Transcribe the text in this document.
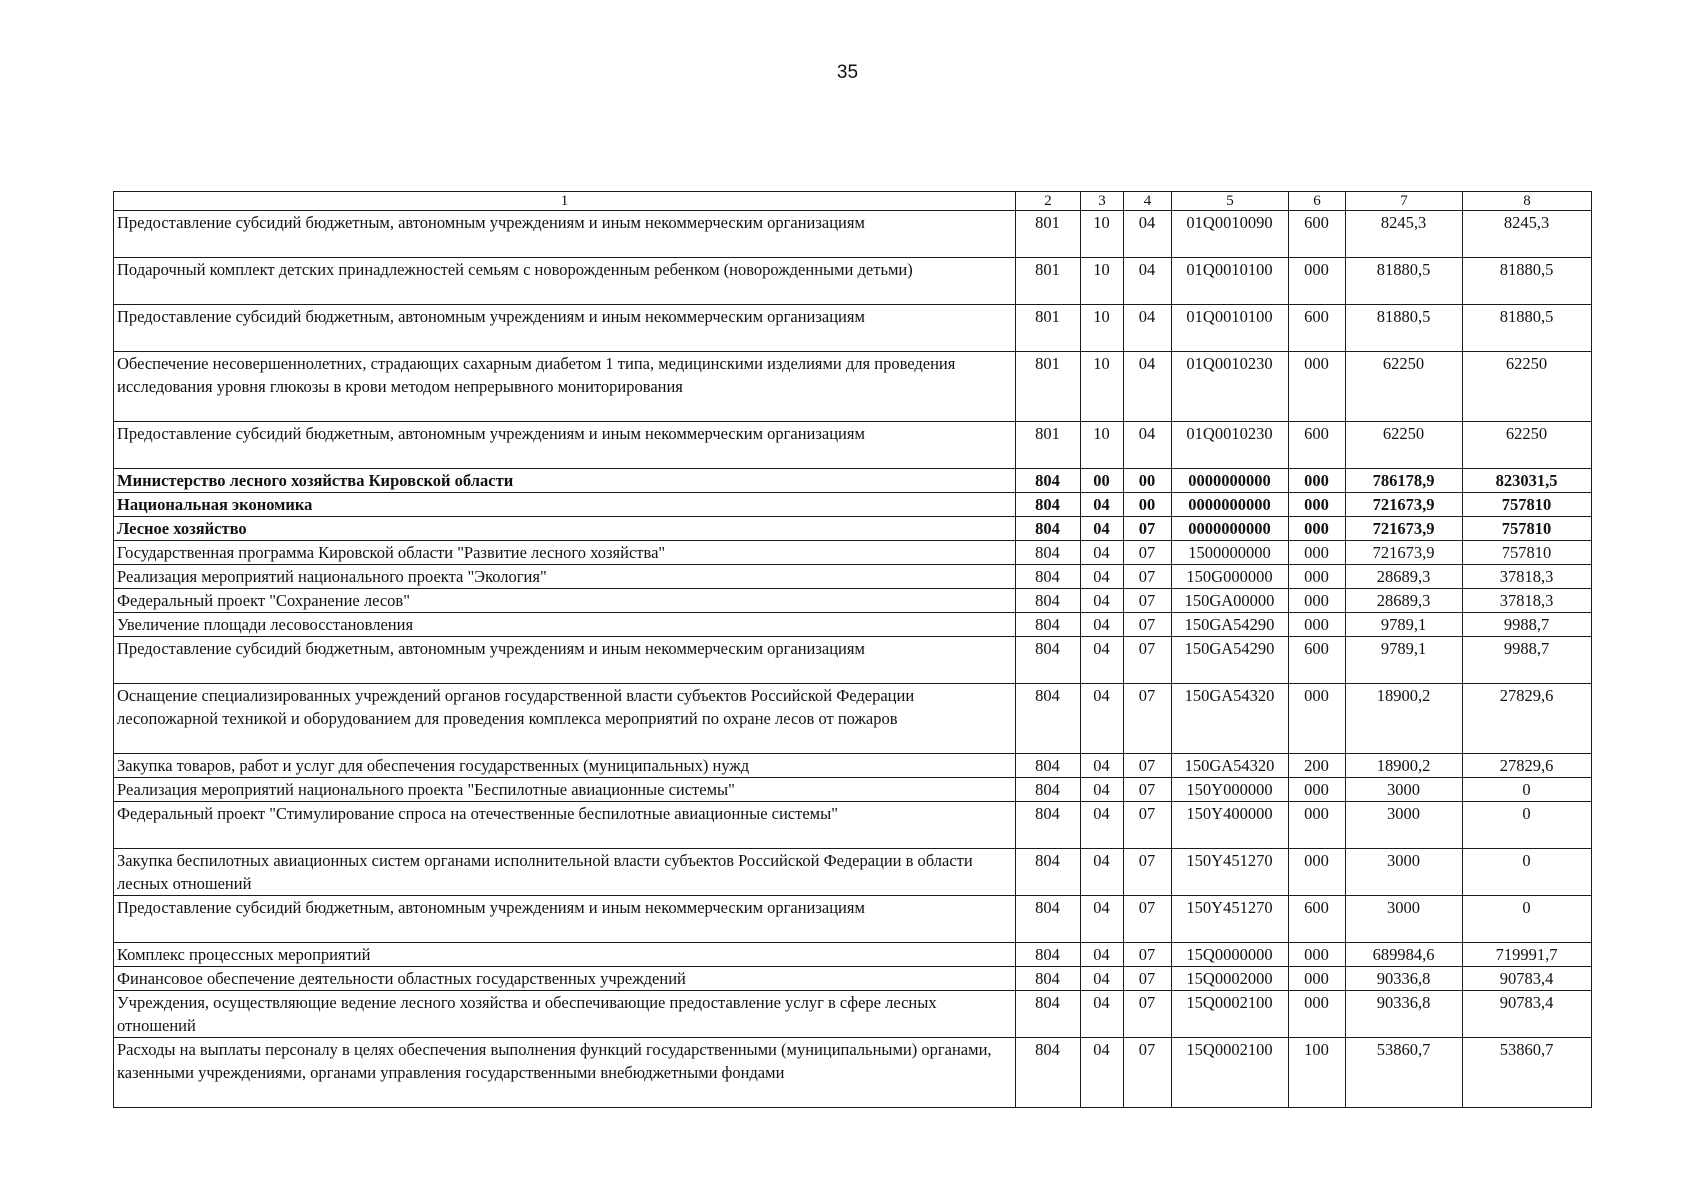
35
1	2	3	4	5	6	7	8
Предоставление субсидий бюджетным, автономным учреждениям и иным некоммерческим организациям	801	10	04	01Q0010090	600	8245,3	8245,3
Подарочный комплект детских принадлежностей семьям с новорожденным ребенком (новорожденными детьми)	801	10	04	01Q0010100	000	81880,5	81880,5
Предоставление субсидий бюджетным, автономным учреждениям и иным некоммерческим организациям	801	10	04	01Q0010100	600	81880,5	81880,5
Обеспечение несовершеннолетних, страдающих сахарным диабетом 1 типа, медицинскими изделиями для проведения исследования уровня глюкозы в крови методом непрерывного мониторирования	801	10	04	01Q0010230	000	62250	62250
Предоставление субсидий бюджетным, автономным учреждениям и иным некоммерческим организациям	801	10	04	01Q0010230	600	62250	62250
Министерство лесного хозяйства Кировской области	804	00	00	0000000000	000	786178,9	823031,5
Национальная экономика	804	04	00	0000000000	000	721673,9	757810
Лесное хозяйство	804	04	07	0000000000	000	721673,9	757810
Государственная программа Кировской области "Развитие лесного хозяйства"	804	04	07	1500000000	000	721673,9	757810
Реализация мероприятий национального проекта "Экология"	804	04	07	150G000000	000	28689,3	37818,3
Федеральный проект "Сохранение лесов"	804	04	07	150GA00000	000	28689,3	37818,3
Увеличение площади лесовосстановления	804	04	07	150GA54290	000	9789,1	9988,7
Предоставление субсидий бюджетным, автономным учреждениям и иным некоммерческим организациям	804	04	07	150GA54290	600	9789,1	9988,7
Оснащение специализированных учреждений органов государственной власти субъектов Российской Федерации лесопожарной техникой и оборудованием для проведения комплекса мероприятий по охране лесов от пожаров	804	04	07	150GA54320	000	18900,2	27829,6
Закупка товаров, работ и услуг для обеспечения государственных (муниципальных) нужд	804	04	07	150GA54320	200	18900,2	27829,6
Реализация мероприятий национального проекта "Беспилотные авиационные системы"	804	04	07	150Y000000	000	3000	0
Федеральный проект "Стимулирование спроса на отечественные беспилотные авиационные системы"	804	04	07	150Y400000	000	3000	0
Закупка беспилотных авиационных систем органами исполнительной власти субъектов Российской Федерации в области лесных отношений	804	04	07	150Y451270	000	3000	0
Предоставление субсидий бюджетным, автономным учреждениям и иным некоммерческим организациям	804	04	07	150Y451270	600	3000	0
Комплекс процессных мероприятий	804	04	07	15Q0000000	000	689984,6	719991,7
Финансовое обеспечение деятельности областных государственных учреждений	804	04	07	15Q0002000	000	90336,8	90783,4
Учреждения, осуществляющие ведение лесного хозяйства и обеспечивающие предоставление услуг в сфере лесных отношений	804	04	07	15Q0002100	000	90336,8	90783,4
Расходы на выплаты персоналу в целях обеспечения выполнения функций государственными (муниципальными) органами, казенными учреждениями, органами управления государственными внебюджетными фондами	804	04	07	15Q0002100	100	53860,7	53860,7
